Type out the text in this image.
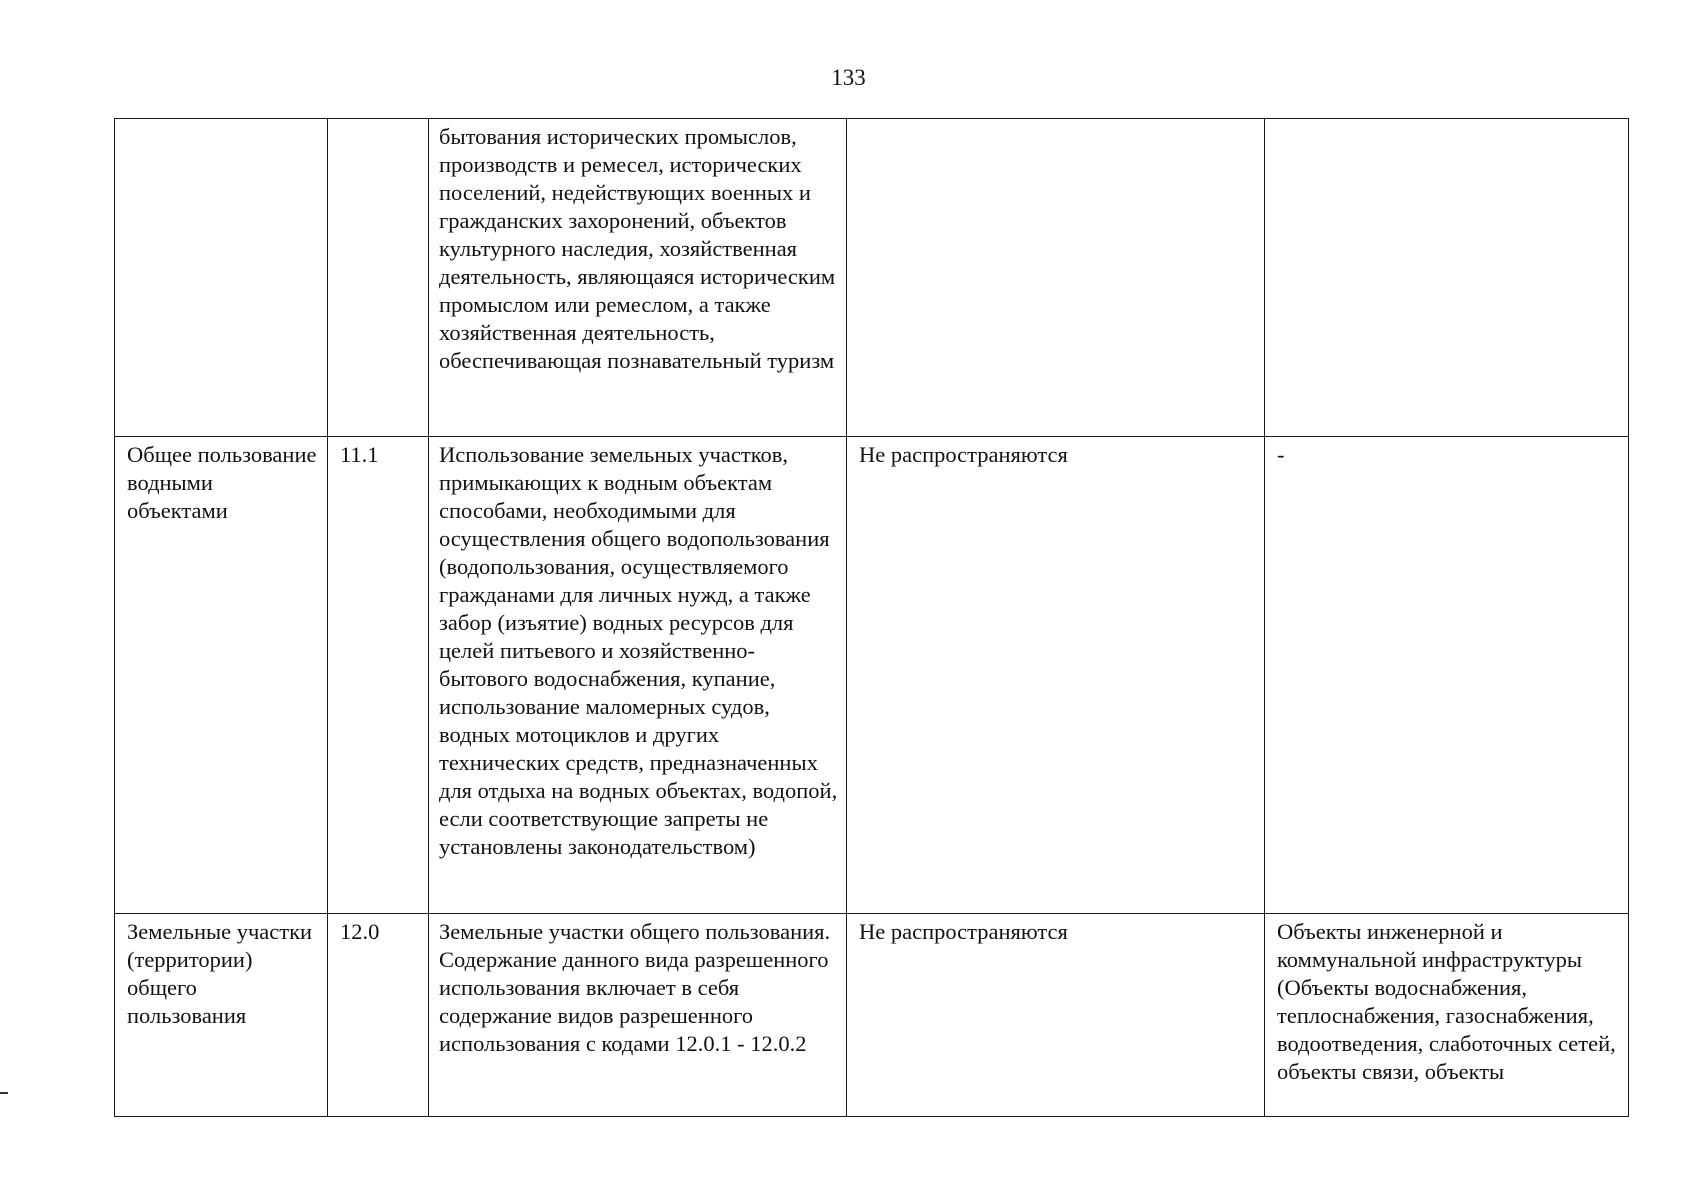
133
		бытования исторических промыслов, производств и ремесел, исторических поселений, недействующих военных и гражданских захоронений, объектов культурного наследия, хозяйственная деятельность, являющаяся историческим промыслом или ремеслом, а также хозяйственная деятельность, обеспечивающая познавательный туризм		
Общее пользование водными объектами	11.1	Использование земельных участков, примыкающих к водным объектам способами, необходимыми для осуществления общего водопользования (водопользования, осуществляемого гражданами для личных нужд, а также забор (изъятие) водных ресурсов для целей питьевого и хозяйственно-бытового водоснабжения, купание, использование маломерных судов, водных мотоциклов и других технических средств, предназначенных для отдыха на водных объектах, водопой, если соответствующие запреты не установлены законодательством)	Не распространяются	-
Земельные участки (территории) общего пользования	12.0	Земельные участки общего пользования. Содержание данного вида разрешенного использования включает в себя содержание видов разрешенного использования с кодами 12.0.1 - 12.0.2	Не распространяются	Объекты инженерной и коммунальной инфраструктуры (Объекты водоснабжения, теплоснабжения, газоснабжения, водоотведения, слаботочных сетей, объекты связи, объекты
